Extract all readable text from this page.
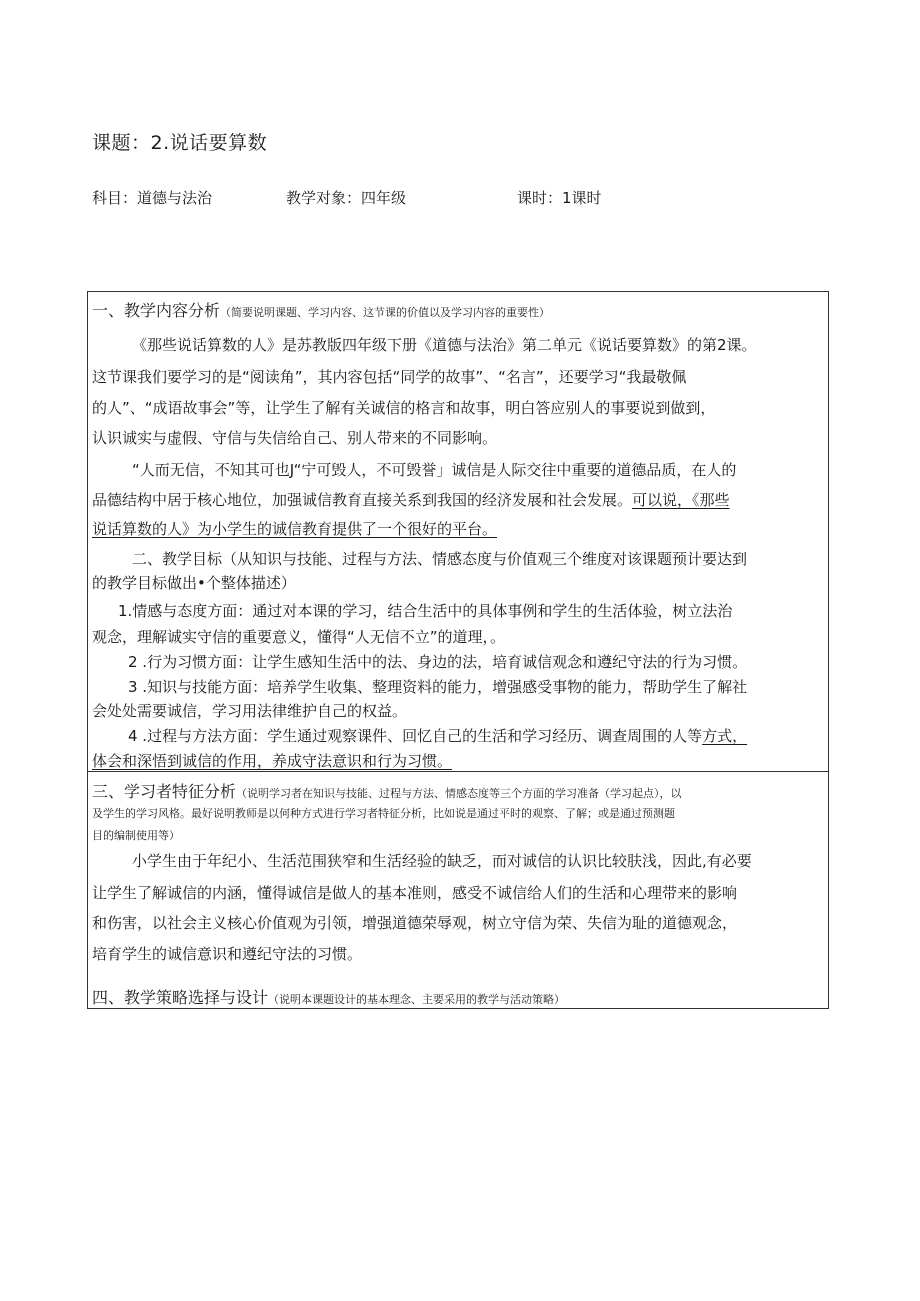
课题：2.说话要算数
科目：道德与法治	教学对象：四年级	课时：1课时
一、教学内容分析（简要说明课题、学习内容、这节课的价值以及学习内容的重要性）
《那些说话算数的人》是苏教版四年级下册《道德与法治》第二单元《说话要算数》的第2课。
这节课我们要学习的是“阅读角”，其内容包括“同学的故事”、“名言”，还要学习“我最敬佩
的人”、“成语故事会”等，让学生了解有关诚信的格言和故事，明白答应别人的事要说到做到，
认识诚实与虚假、守信与失信给自己、别人带来的不同影响。
“人而无信，不知其可也J“宁可毁人，不可毁誉」诚信是人际交往中重要的道德品质，在人的
品德结构中居于核心地位，加强诚信教育直接关系到我国的经济发展和社会发展。可以说，《那些
说话算数的人》为小学生的诚信教育提供了一个很好的平台。
二、教学目标（从知识与技能、过程与方法、情感态度与价值观三个维度对该课题预计要达到
的教学目标做出•个整体描述）
1.情感与态度方面：通过对本课的学习，结合生活中的具体事例和学生的生活体验，树立法治
观念，理解诚实守信的重要意义，懂得“人无信不立”的道理，。
2 .行为习惯方面：让学生感知生活中的法、身边的法，培育诚信观念和遵纪守法的行为习惯。
3 .知识与技能方面：培养学生收集、整理资料的能力，增强感受事物的能力，帮助学生了解社
会处处需要诚信，学习用法律维护自己的权益。
4 .过程与方法方面：学生通过观察课件、回忆自己的生活和学习经历、调查周围的人等方式，
体会和深悟到诚信的作用，养成守法意识和行为习惯。
三、学习者特征分析（说明学习者在知识与技能、过程与方法、情感态度等三个方面的学习准备（学习起点），以
及学生的学习风格。最好说明教师是以何种方式进行学习者特征分析，比如说是通过平时的观察、了解；或是通过预测题
目的编制使用等）
小学生由于年纪小、生活范围狭窄和生活经验的缺乏，而对诚信的认识比较肤浅，因此,有必要
让学生了解诚信的内涵，懂得诚信是做人的基本准则，感受不诚信给人们的生活和心理带来的影响
和伤害，以社会主义核心价值观为引领，增强道德荣辱观，树立守信为荣、失信为耻的道德观念，
培育学生的诚信意识和遵纪守法的习惯。
四、教学策略选择与设计（说明本课题设计的基本理念、主要采用的教学与活动策略）
